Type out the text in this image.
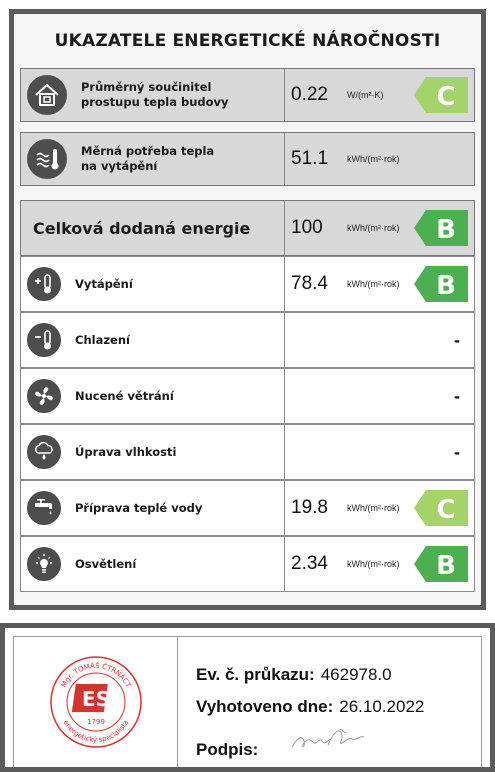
UKAZATELE ENERGETICKÉ NÁROČNOSTI
Průměrný součinitel
prostupu tepla budovy	0.22	W/(m²·K) C
Měrná potřeba tepla
na vytápění	51.1	kWh/(m²·rok)
Celková dodaná energie 100	kWh/(m²·rok) B
Vytápění	78.4	kWh/(m²·rok) B
Chlazení	-
Nucené větrání	-
Úprava vlhkosti	-
Příprava teplé vody	19.8	kWh/(m²·rok) C
Osvětlení	2.34	kWh/(m²·rok) B
Mgr. TOMÁŠ ČTRNÁCT
energetický specialista
ES
1799
Ev. č. průkazu: 462978.0
Vyhotoveno dne: 26.10.2022
Podpis:
